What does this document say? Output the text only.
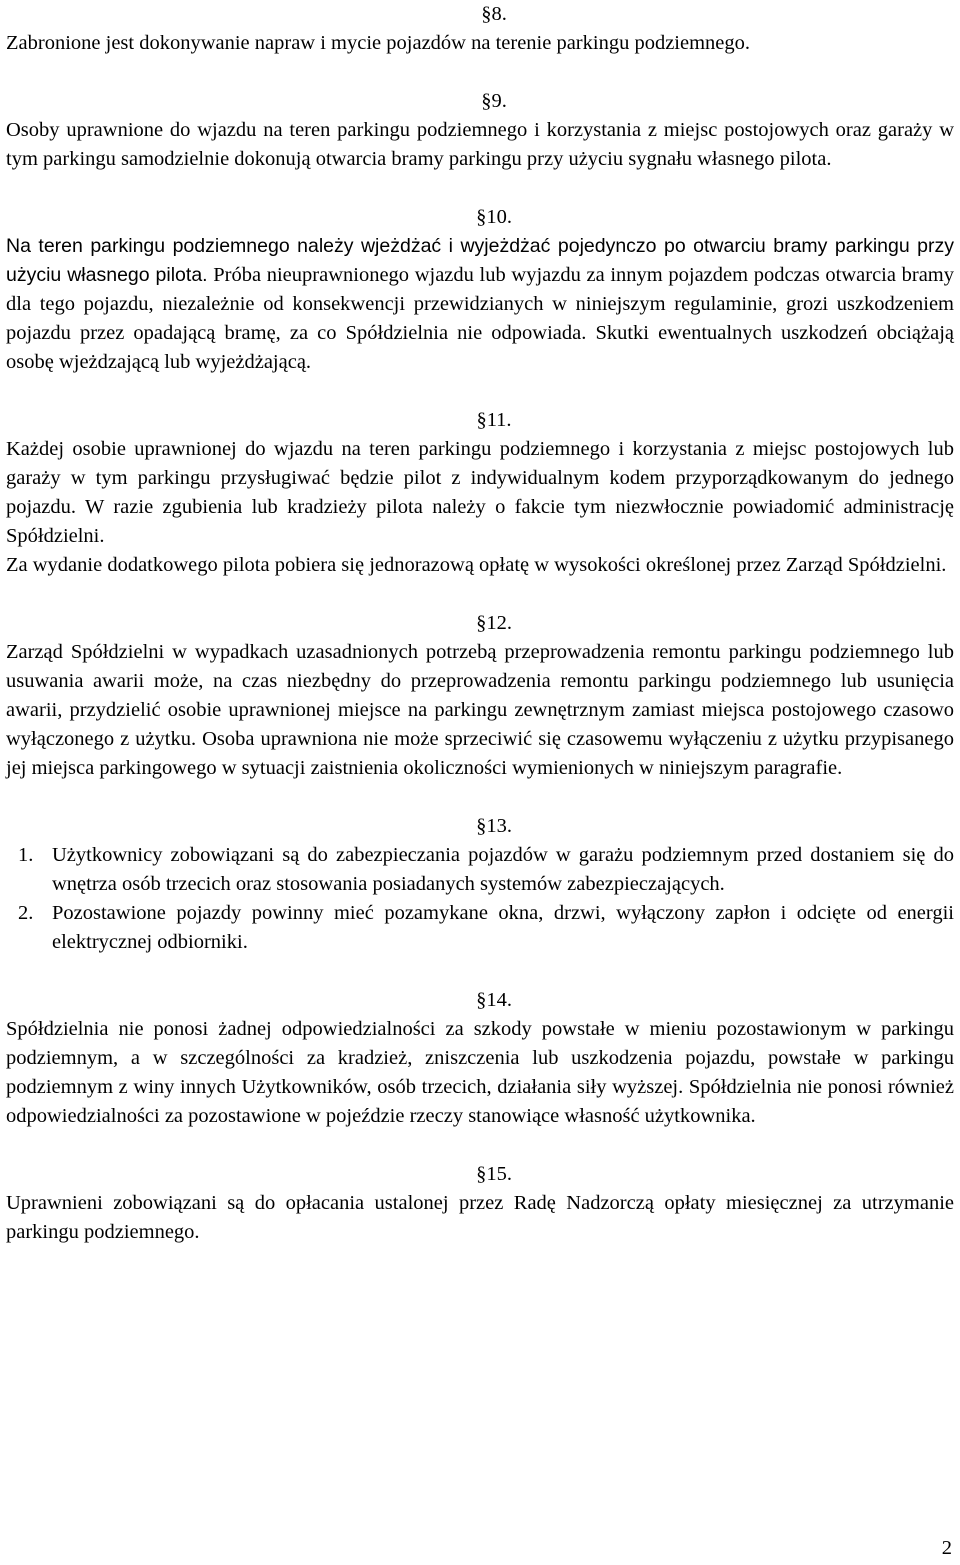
§8.

Zabronione jest dokonywanie napraw i mycie pojazdów na terenie parkingu podziemnego.

§9.

Osoby uprawnione do wjazdu na teren parkingu podziemnego i korzystania z miejsc postojowych oraz garaży w tym parkingu samodzielnie dokonują otwarcia bramy parkingu przy użyciu sygnału własnego pilota.

§10.

Na teren parkingu podziemnego należy wjeżdżać i wyjeżdżać pojedynczo po otwarciu bramy parkingu przy użyciu własnego pilota. Próba nieuprawnionego wjazdu lub wyjazdu za innym pojazdem podczas otwarcia bramy dla tego pojazdu, niezależnie od konsekwencji przewidzianych w niniejszym regulaminie, grozi uszkodzeniem pojazdu przez opadającą bramę, za co Spółdzielnia nie odpowiada. Skutki ewentualnych uszkodzeń obciążają osobę wjeżdzającą lub wyjeżdżającą.

§11.

Każdej osobie uprawnionej do wjazdu na teren parkingu podziemnego i korzystania z miejsc postojowych lub garaży w tym parkingu przysługiwać będzie pilot z indywidualnym kodem przyporządkowanym do jednego pojazdu. W razie zgubienia lub kradzieży pilota należy o fakcie tym niezwłocznie powiadomić administrację Spółdzielni.

Za wydanie dodatkowego pilota pobiera się jednorazową opłatę w wysokości określonej przez Zarząd Spółdzielni.

§12.

Zarząd Spółdzielni w wypadkach uzasadnionych potrzebą przeprowadzenia remontu parkingu podziemnego lub usuwania awarii może, na czas niezbędny do przeprowadzenia remontu parkingu podziemnego lub usunięcia awarii, przydzielić osobie uprawnionej miejsce na parkingu zewnętrznym zamiast miejsca postojowego czasowo wyłączonego z użytku. Osoba uprawniona nie może sprzeciwić się czasowemu wyłączeniu z użytku przypisanego jej miejsca parkingowego w sytuacji zaistnienia okoliczności wymienionych w niniejszym paragrafie.

§13.
1. Użytkownicy zobowiązani są do zabezpieczania pojazdów w garażu podziemnym przed dostaniem się do wnętrza osób trzecich oraz stosowania posiadanych systemów zabezpieczających.
2. Pozostawione pojazdy powinny mieć pozamykane okna, drzwi, wyłączony zapłon i odcięte od energii elektrycznej odbiorniki.
§14.

Spółdzielnia nie ponosi żadnej odpowiedzialności za szkody powstałe w mieniu pozostawionym w parkingu podziemnym, a w szczególności za kradzież, zniszczenia lub uszkodzenia pojazdu, powstałe w parkingu podziemnym z winy innych Użytkowników, osób trzecich, działania siły wyższej. Spółdzielnia nie ponosi również odpowiedzialności za pozostawione w pojeździe rzeczy stanowiące własność użytkownika.

§15.

Uprawnieni zobowiązani są do opłacania ustalonej przez Radę Nadzorczą opłaty miesięcznej za utrzymanie parkingu podziemnego.

2
